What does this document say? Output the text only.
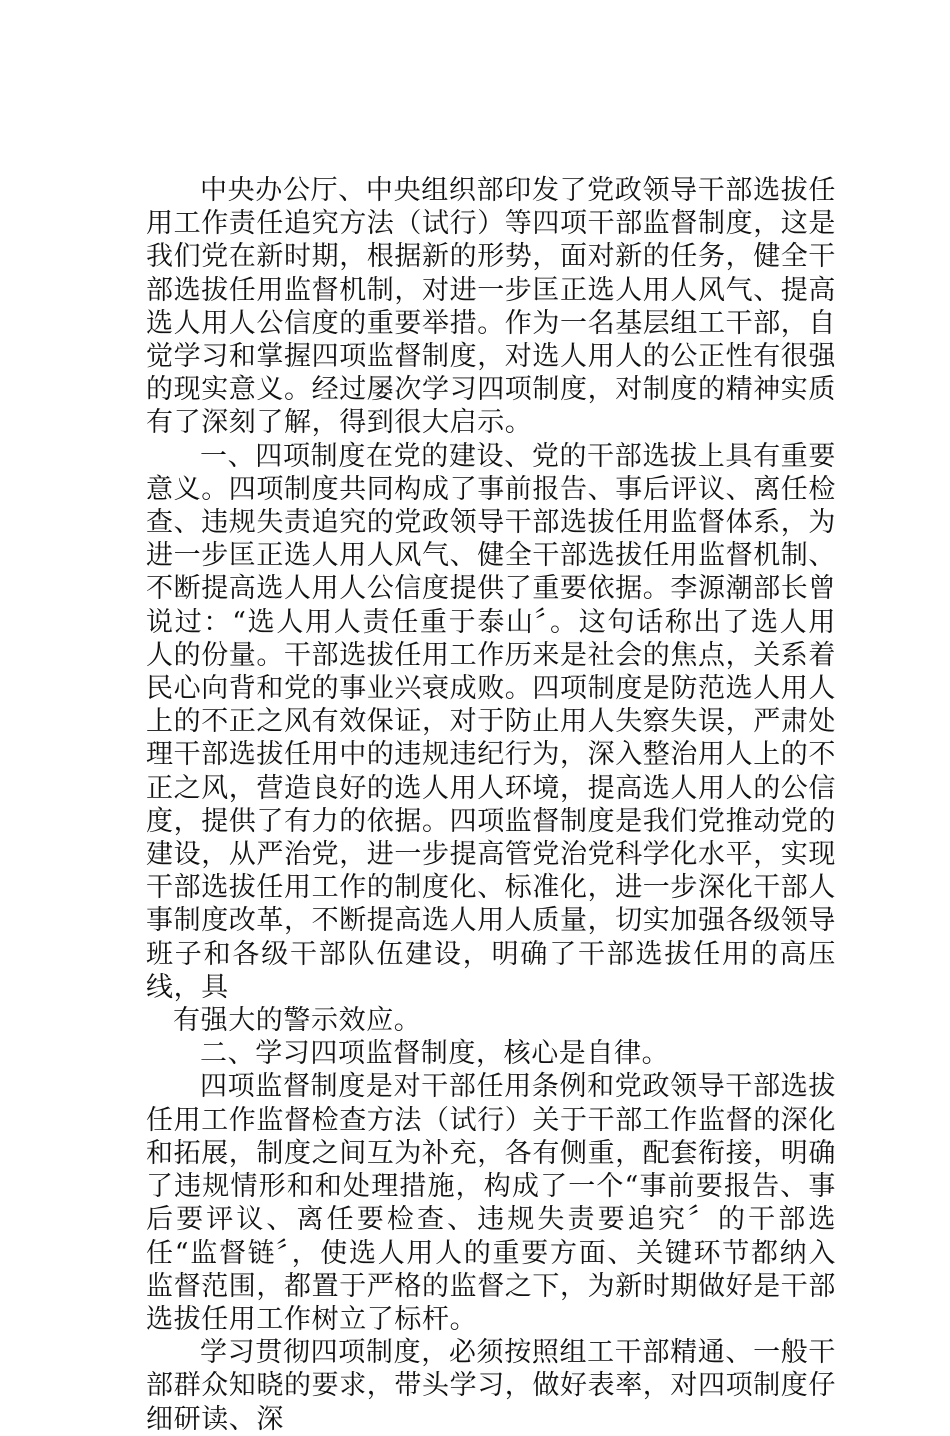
中央办公厅、中央组织部印发了党政领导干部选拔任用工作责任追究方法（试行）等四项干部监督制度，这是我们党在新时期，根据新的形势，面对新的任务，健全干部选拔任用监督机制，对进一步匡正选人用人风气、提高选人用人公信度的重要举措。作为一名基层组工干部，自觉学习和掌握四项监督制度，对选人用人的公正性有很强的现实意义。经过屡次学习四项制度，对制度的精神实质有了深刻了解，得到很大启示。

一、四项制度在党的建设、党的干部选拔上具有重要意义。四项制度共同构成了事前报告、事后评议、离任检查、违规失责追究的党政领导干部选拔任用监督体系，为进一步匡正选人用人风气、健全干部选拔任用监督机制、不断提高选人用人公信度提供了重要依据。李源潮部长曾说过：“选人用人责任重于泰山〞。这句话称出了选人用人的份量。干部选拔任用工作历来是社会的焦点，关系着民心向背和党的事业兴衰成败。四项制度是防范选人用人上的不正之风有效保证，对于防止用人失察失误，严肃处理干部选拔任用中的违规违纪行为，深入整治用人上的不正之风，营造良好的选人用人环境，提高选人用人的公信度，提供了有力的依据。四项监督制度是我们党推动党的建设，从严治党，进一步提高管党治党科学化水平，实现干部选拔任用工作的制度化、标准化，进一步深化干部人事制度改革，不断提高选人用人质量，切实加强各级领导班子和各级干部队伍建设，明确了干部选拔任用的高压线，具

有强大的警示效应。

二、学习四项监督制度，核心是自律。

四项监督制度是对干部任用条例和党政领导干部选拔任用工作监督检查方法（试行）关于干部工作监督的深化和拓展，制度之间互为补充，各有侧重，配套衔接，明确了违规情形和和处理措施，构成了一个“事前要报告、事后要评议、离任要检查、违规失责要追究〞的干部选任“监督链〞，使选人用人的重要方面、关键环节都纳入监督范围，都置于严格的监督之下，为新时期做好是干部选拔任用工作树立了标杆。

学习贯彻四项制度，必须按照组工干部精通、一般干部群众知晓的要求，带头学习，做好表率，对四项制度仔细研读、深
